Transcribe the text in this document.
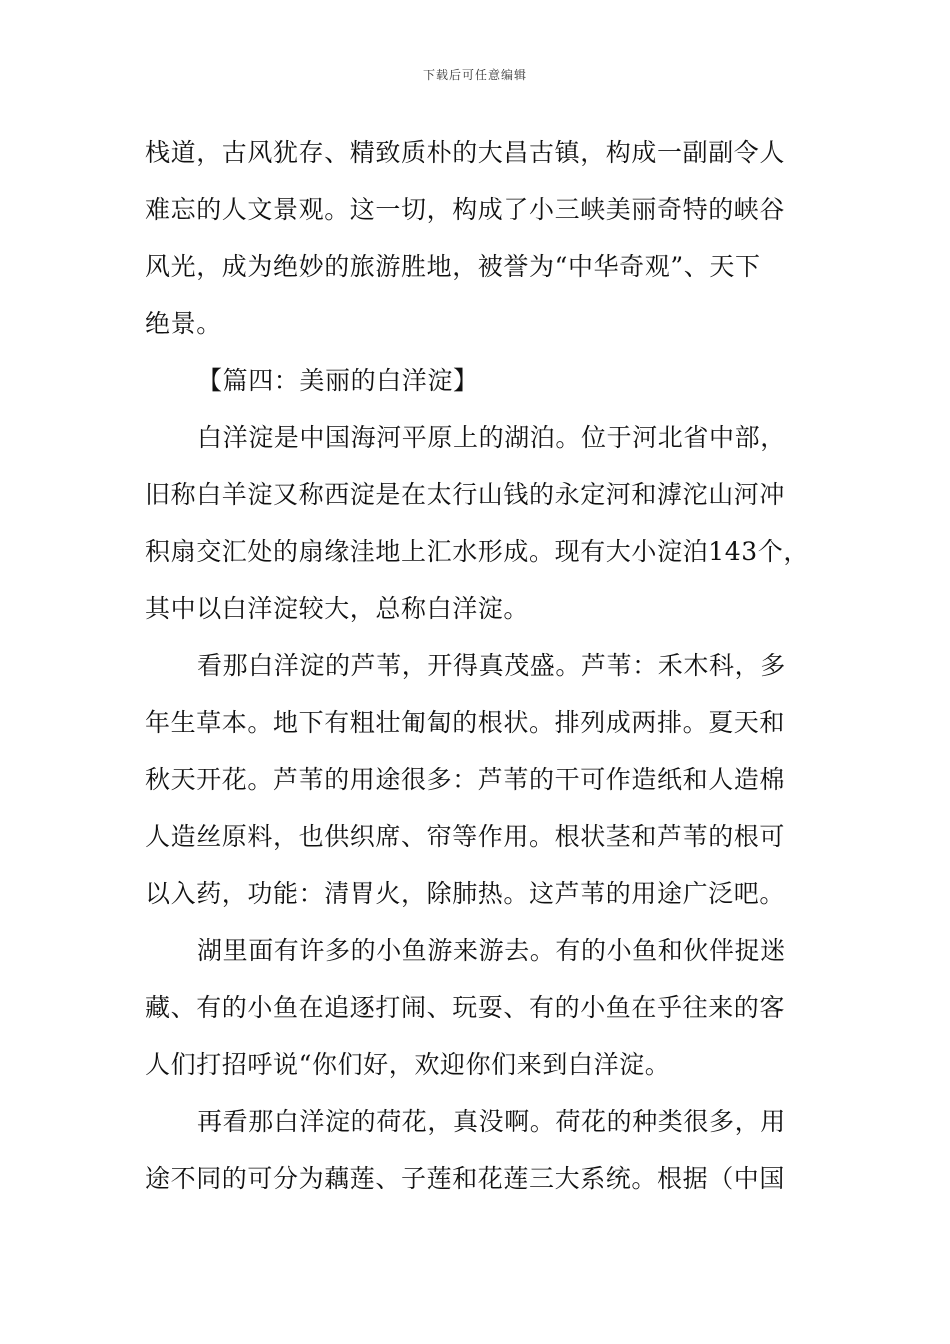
下载后可任意编辑
栈道，古风犹存、精致质朴的大昌古镇，构成一副副令人
难忘的人文景观。这一切，构成了小三峡美丽奇特的峡谷
风光，成为绝妙的旅游胜地，被誉为“中华奇观”、天下
绝景。
【篇四：美丽的白洋淀】
白洋淀是中国海河平原上的湖泊。位于河北省中部，
旧称白羊淀又称西淀是在太行山钱的永定河和滹沱山河冲
积扇交汇处的扇缘洼地上汇水形成。现有大小淀泊143个，
其中以白洋淀较大，总称白洋淀。
看那白洋淀的芦苇，开得真茂盛。芦苇：禾木科，多
年生草本。地下有粗壮匍匐的根状。排列成两排。夏天和
秋天开花。芦苇的用途很多：芦苇的干可作造纸和人造棉
人造丝原料，也供织席、帘等作用。根状茎和芦苇的根可
以入药，功能：清胃火，除肺热。这芦苇的用途广泛吧。
湖里面有许多的小鱼游来游去。有的小鱼和伙伴捉迷
藏、有的小鱼在追逐打闹、玩耍、有的小鱼在乎往来的客
人们打招呼说“你们好，欢迎你们来到白洋淀。
再看那白洋淀的荷花，真没啊。荷花的种类很多，用
途不同的可分为藕莲、子莲和花莲三大系统。根据（中国
